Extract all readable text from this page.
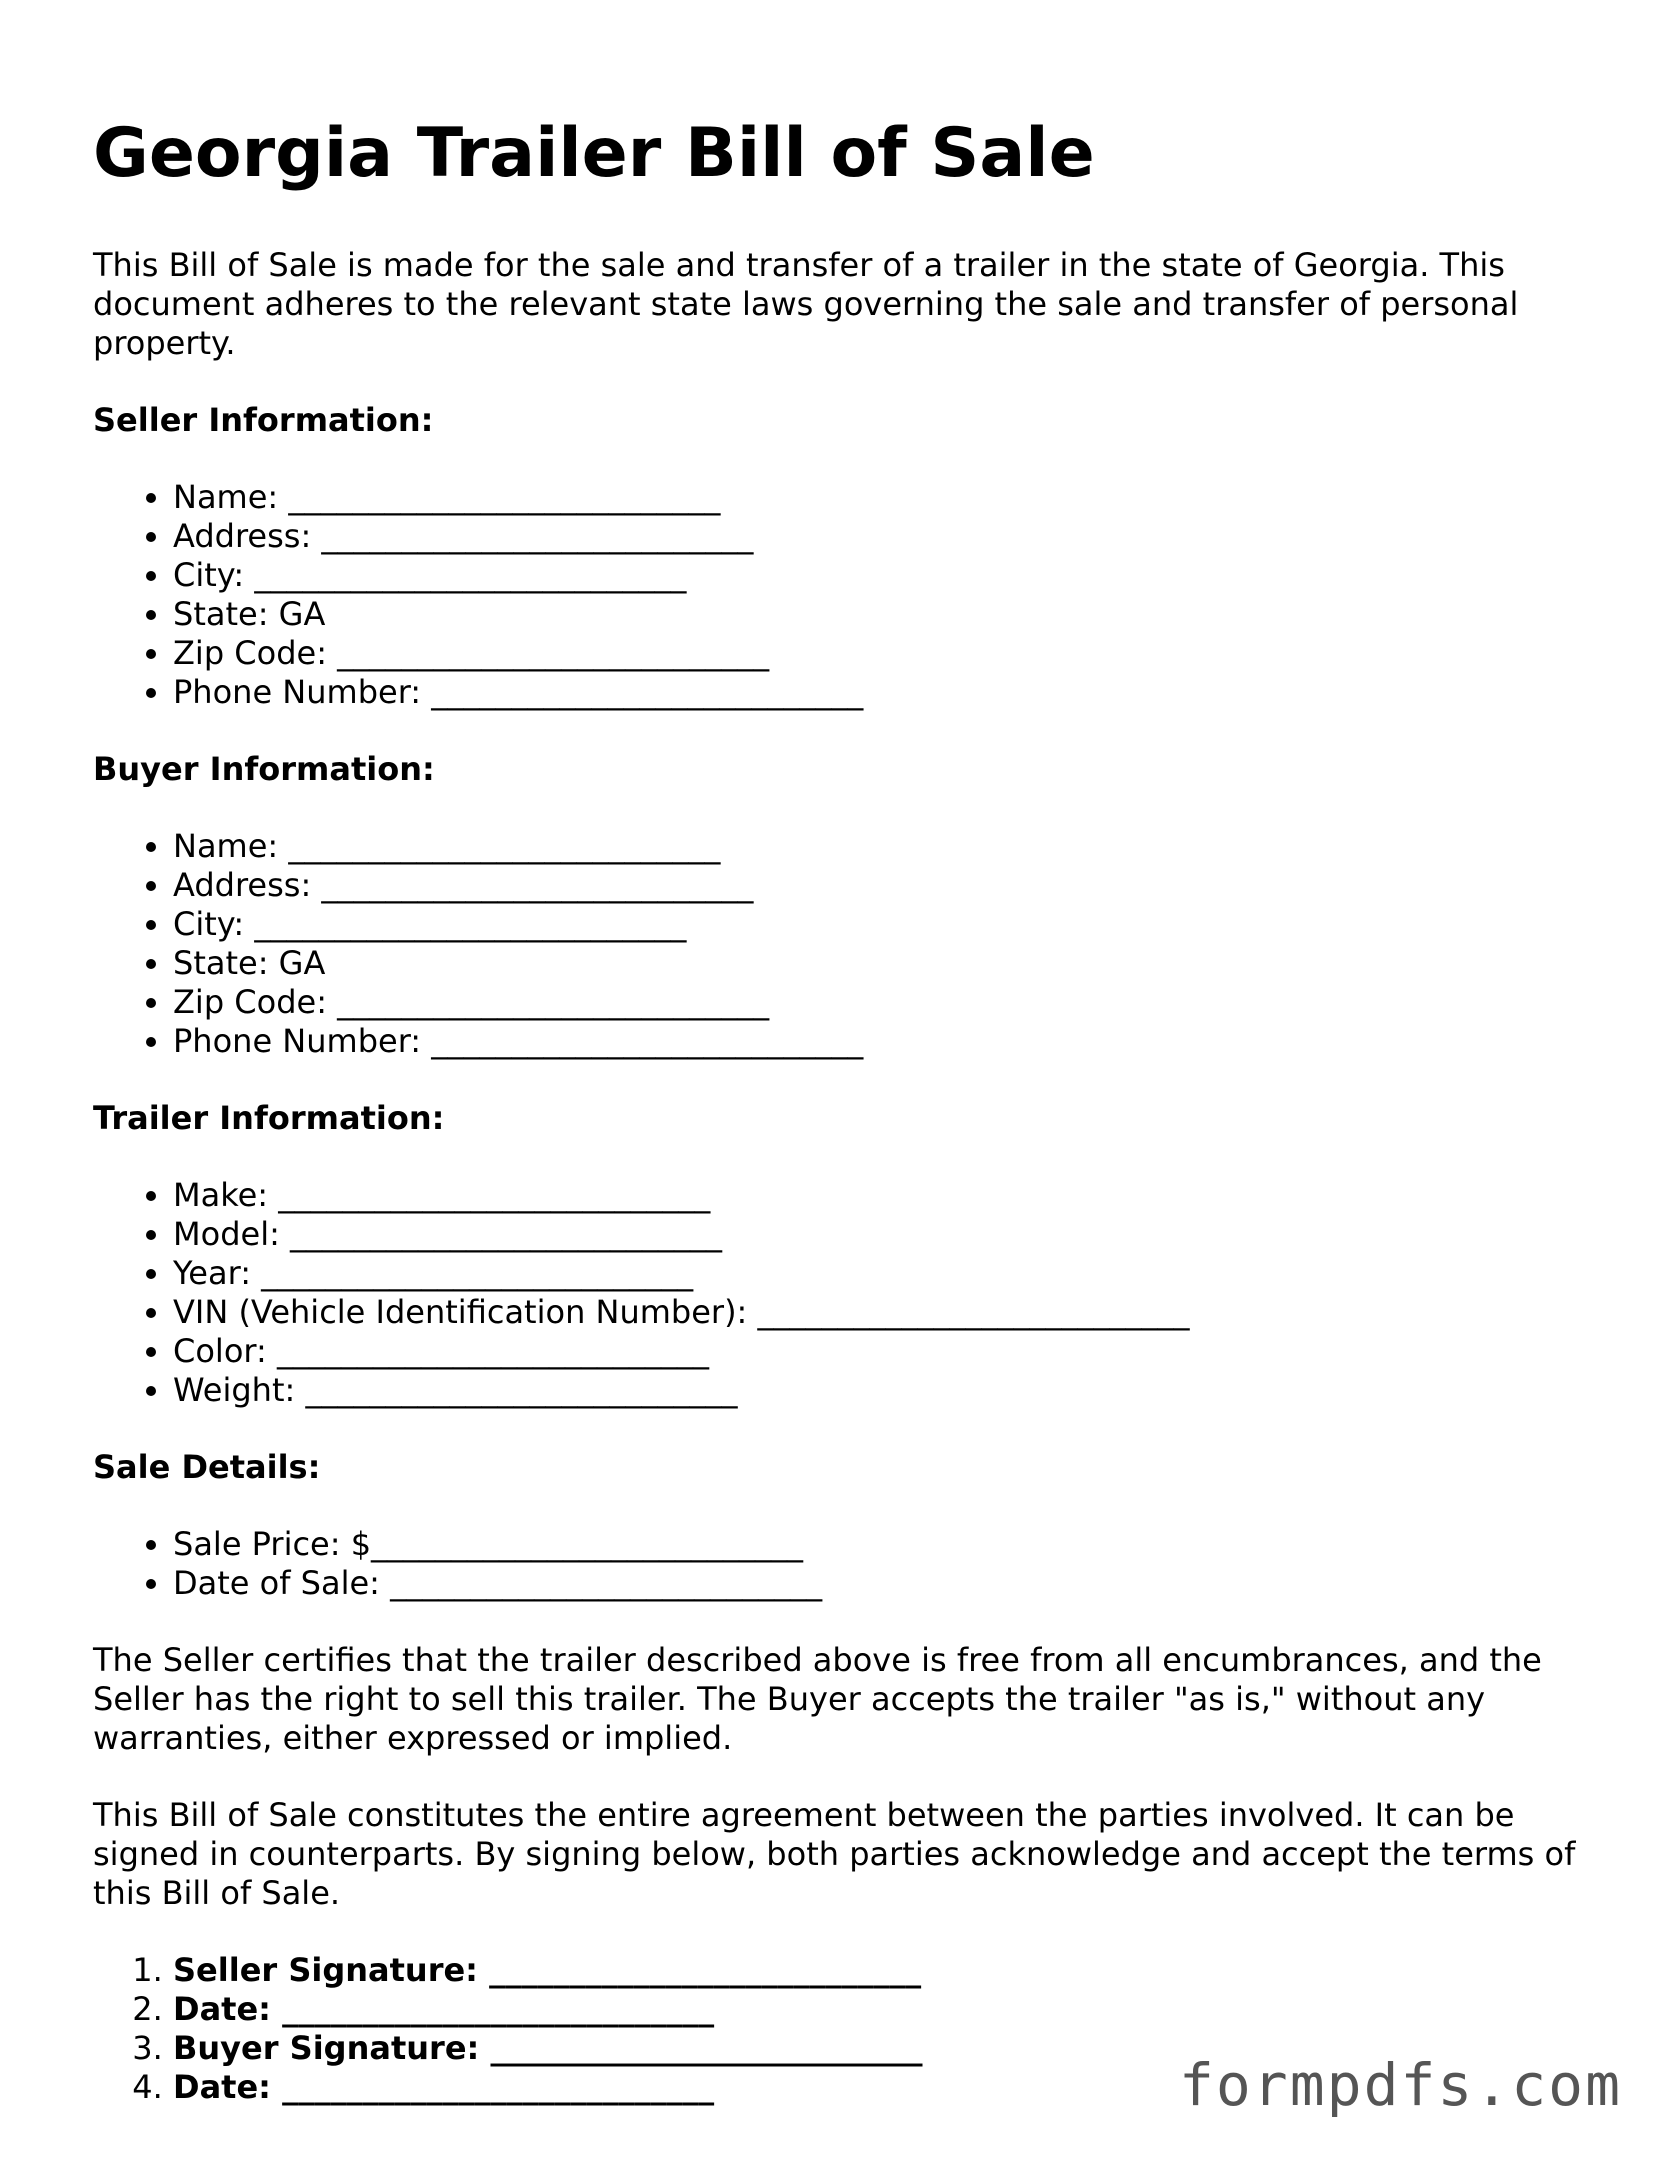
Georgia Trailer Bill of Sale

This Bill of Sale is made for the sale and transfer of a trailer in the state of Georgia. This document adheres to the relevant state laws governing the sale and transfer of personal property.

Seller Information:
• Name: ___________________________
• Address: ___________________________
• City: ___________________________
• State: GA
• Zip Code: ___________________________
• Phone Number: ___________________________
Buyer Information:
• Name: ___________________________
• Address: ___________________________
• City: ___________________________
• State: GA
• Zip Code: ___________________________
• Phone Number: ___________________________
Trailer Information:
• Make: ___________________________
• Model: ___________________________
• Year: ___________________________
• VIN (Vehicle Identification Number): ___________________________
• Color: ___________________________
• Weight: ___________________________
Sale Details:
• Sale Price: $___________________________
• Date of Sale: ___________________________

The Seller certifies that the trailer described above is free from all encumbrances, and the Seller has the right to sell this trailer. The Buyer accepts the trailer "as is," without any warranties, either expressed or implied.

This Bill of Sale constitutes the entire agreement between the parties involved. It can be signed in counterparts. By signing below, both parties acknowledge and accept the terms of this Bill of Sale.

1. Seller Signature: ___________________________
2. Date: ___________________________
3. Buyer Signature: ___________________________
4. Date: ___________________________	formpdfs.com
